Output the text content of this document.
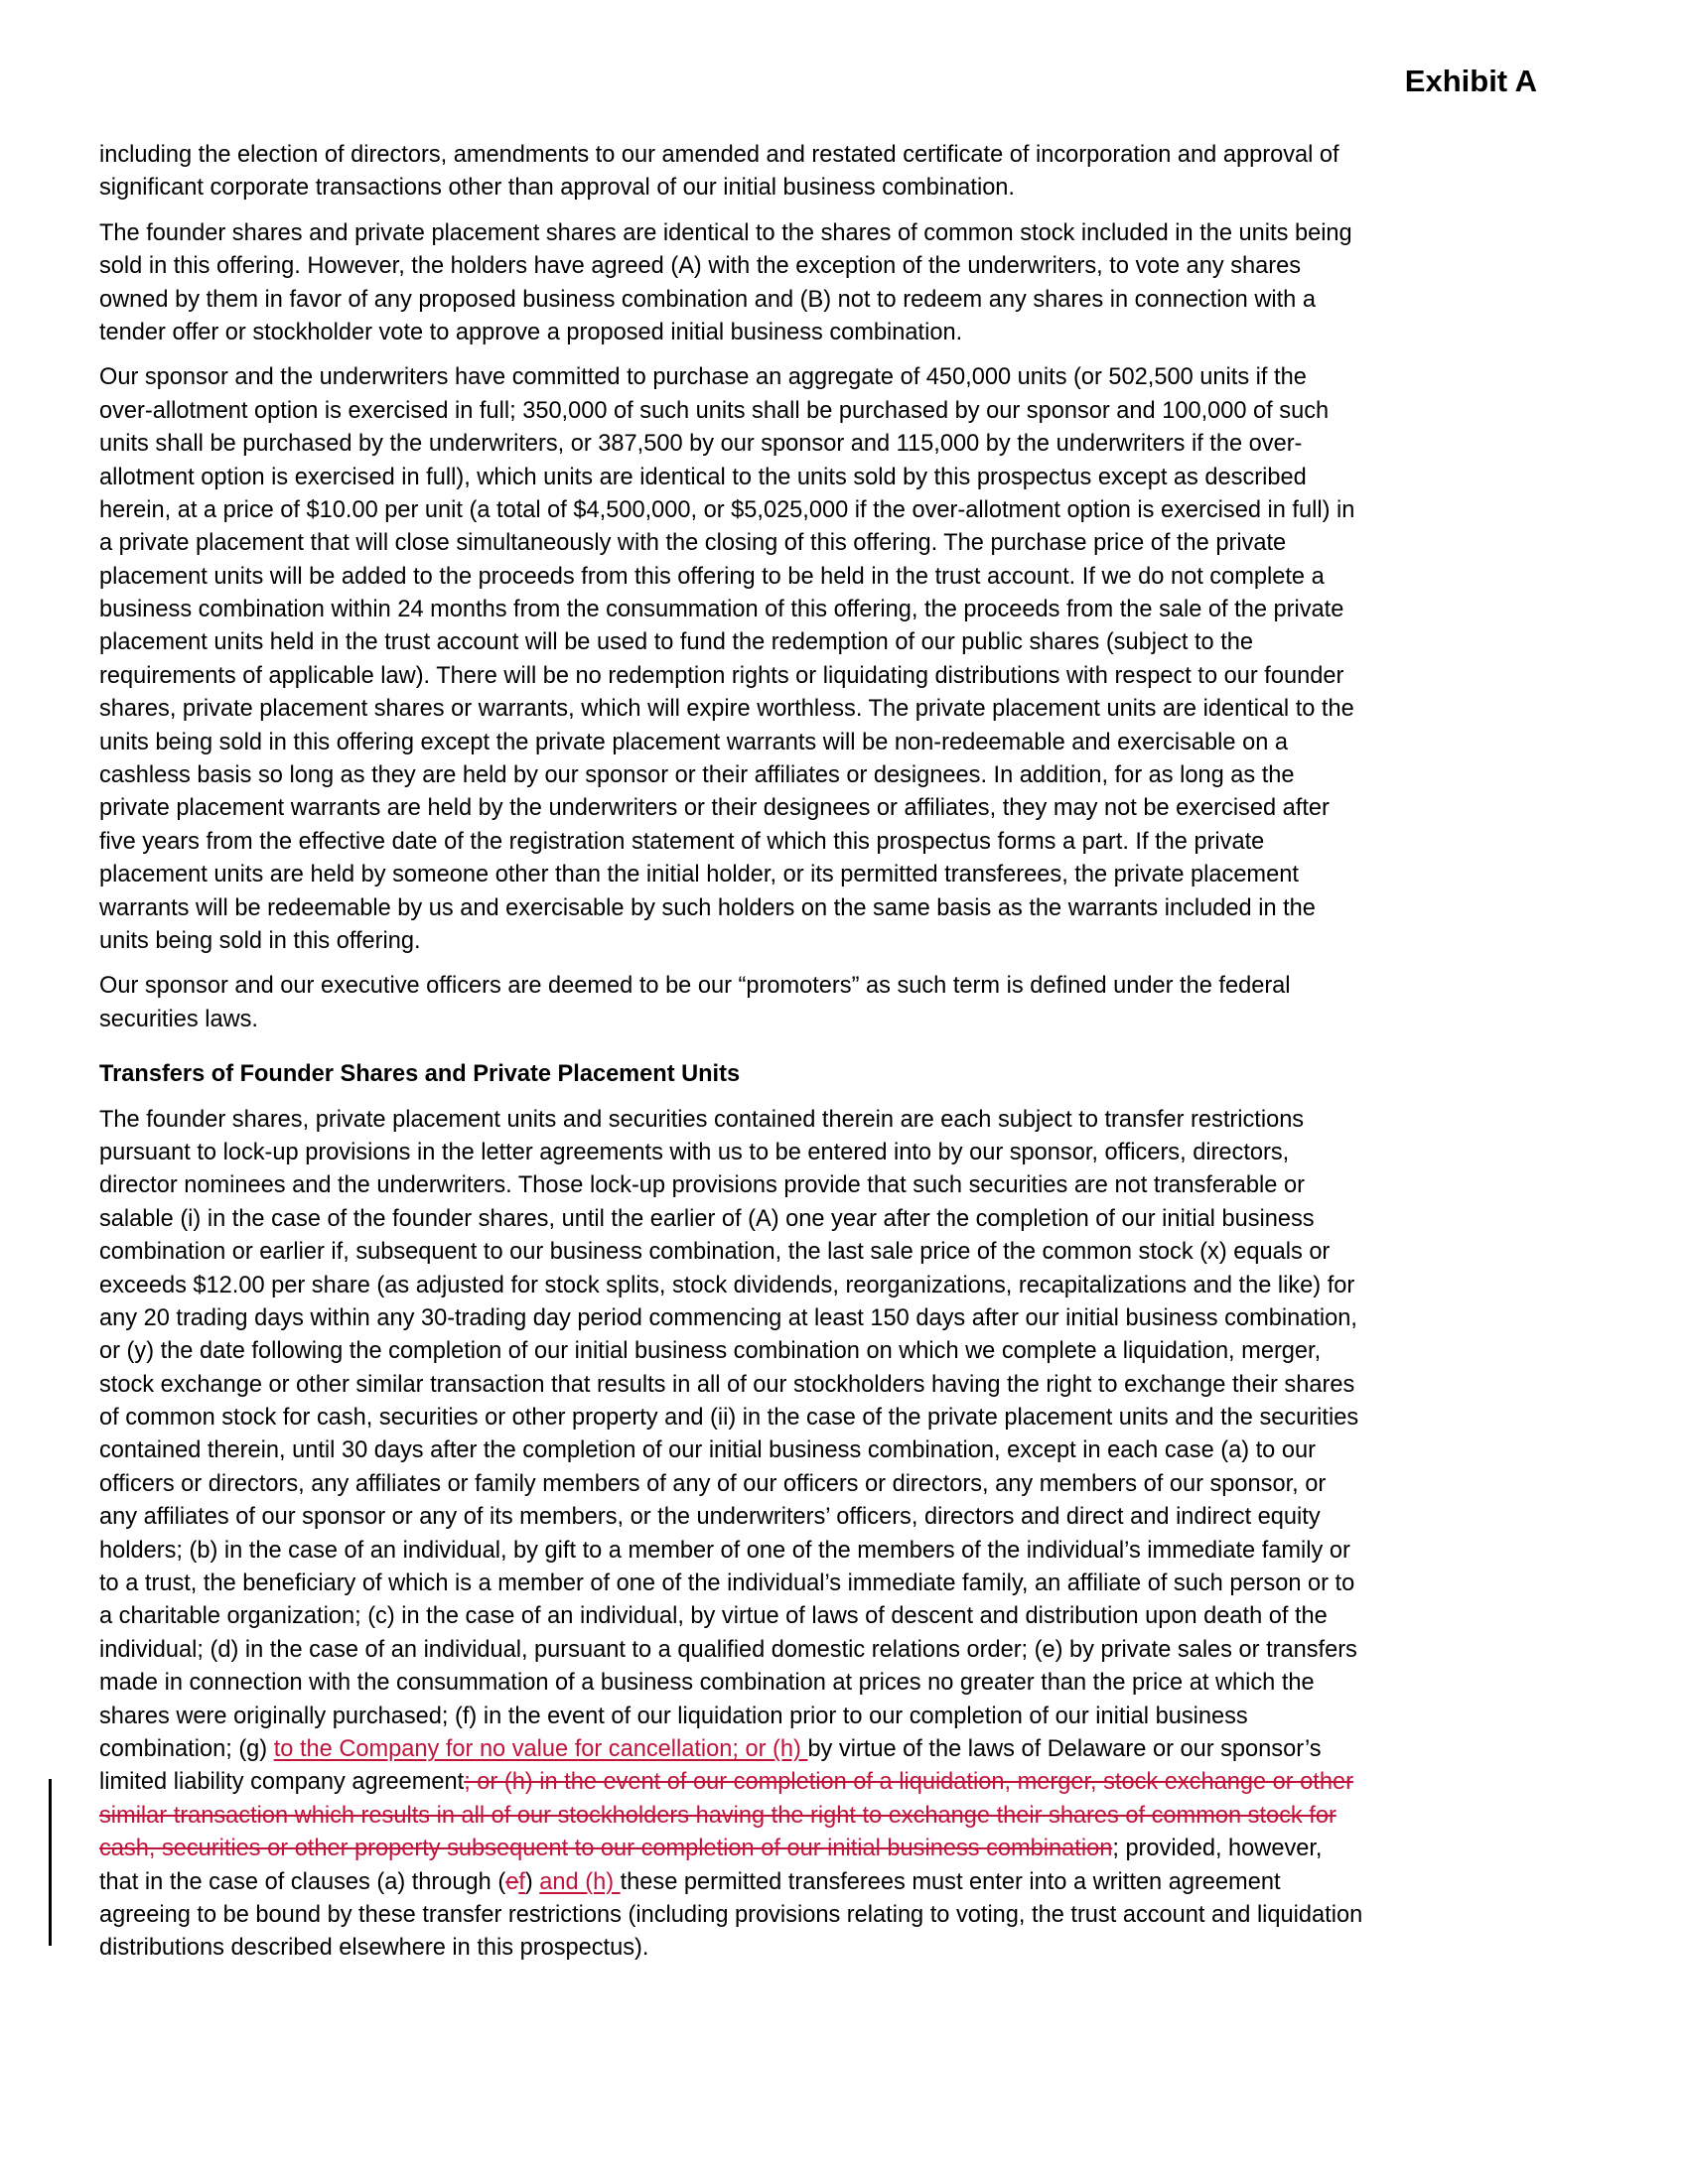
Exhibit A
including the election of directors, amendments to our amended and restated certificate of incorporation and approval of
significant corporate transactions other than approval of our initial business combination.
The founder shares and private placement shares are identical to the shares of common stock included in the units being
sold in this offering. However, the holders have agreed (A) with the exception of the underwriters, to vote any shares
owned by them in favor of any proposed business combination and (B) not to redeem any shares in connection with a
tender offer or stockholder vote to approve a proposed initial business combination.
Our sponsor and the underwriters have committed to purchase an aggregate of 450,000 units (or 502,500 units if the
over-allotment option is exercised in full; 350,000 of such units shall be purchased by our sponsor and 100,000 of such
units shall be purchased by the underwriters, or 387,500 by our sponsor and 115,000 by the underwriters if the over-
allotment option is exercised in full), which units are identical to the units sold by this prospectus except as described
herein, at a price of $10.00 per unit (a total of $4,500,000, or $5,025,000 if the over-allotment option is exercised in full) in
a private placement that will close simultaneously with the closing of this offering. The purchase price of the private
placement units will be added to the proceeds from this offering to be held in the trust account. If we do not complete a
business combination within 24 months from the consummation of this offering, the proceeds from the sale of the private
placement units held in the trust account will be used to fund the redemption of our public shares (subject to the
requirements of applicable law). There will be no redemption rights or liquidating distributions with respect to our founder
shares, private placement shares or warrants, which will expire worthless. The private placement units are identical to the
units being sold in this offering except the private placement warrants will be non-redeemable and exercisable on a
cashless basis so long as they are held by our sponsor or their affiliates or designees. In addition, for as long as the
private placement warrants are held by the underwriters or their designees or affiliates, they may not be exercised after
five years from the effective date of the registration statement of which this prospectus forms a part. If the private
placement units are held by someone other than the initial holder, or its permitted transferees, the private placement
warrants will be redeemable by us and exercisable by such holders on the same basis as the warrants included in the
units being sold in this offering.
Our sponsor and our executive officers are deemed to be our “promoters” as such term is defined under the federal
securities laws.
Transfers of Founder Shares and Private Placement Units
The founder shares, private placement units and securities contained therein are each subject to transfer restrictions
pursuant to lock-up provisions in the letter agreements with us to be entered into by our sponsor, officers, directors,
director nominees and the underwriters. Those lock-up provisions provide that such securities are not transferable or
salable (i) in the case of the founder shares, until the earlier of (A) one year after the completion of our initial business
combination or earlier if, subsequent to our business combination, the last sale price of the common stock (x) equals or
exceeds $12.00 per share (as adjusted for stock splits, stock dividends, reorganizations, recapitalizations and the like) for
any 20 trading days within any 30-trading day period commencing at least 150 days after our initial business combination,
or (y) the date following the completion of our initial business combination on which we complete a liquidation, merger,
stock exchange or other similar transaction that results in all of our stockholders having the right to exchange their shares
of common stock for cash, securities or other property and (ii) in the case of the private placement units and the securities
contained therein, until 30 days after the completion of our initial business combination, except in each case (a) to our
officers or directors, any affiliates or family members of any of our officers or directors, any members of our sponsor, or
any affiliates of our sponsor or any of its members, or the underwriters’ officers, directors and direct and indirect equity
holders; (b) in the case of an individual, by gift to a member of one of the members of the individual’s immediate family or
to a trust, the beneficiary of which is a member of one of the individual’s immediate family, an affiliate of such person or to
a charitable organization; (c) in the case of an individual, by virtue of laws of descent and distribution upon death of the
individual; (d) in the case of an individual, pursuant to a qualified domestic relations order; (e) by private sales or transfers
made in connection with the consummation of a business combination at prices no greater than the price at which the
shares were originally purchased; (f) in the event of our liquidation prior to our completion of our initial business
combination; (g) to the Company for no value for cancellation; or (h) by virtue of the laws of Delaware or our sponsor’s
limited liability company agreement; or (h) in the event of our completion of a liquidation, merger, stock exchange or other
similar transaction which results in all of our stockholders having the right to exchange their shares of common stock for
cash, securities or other property subsequent to our completion of our initial business combination; provided, however,
that in the case of clauses (a) through (ef) and (h) these permitted transferees must enter into a written agreement
agreeing to be bound by these transfer restrictions (including provisions relating to voting, the trust account and liquidation
distributions described elsewhere in this prospectus).
